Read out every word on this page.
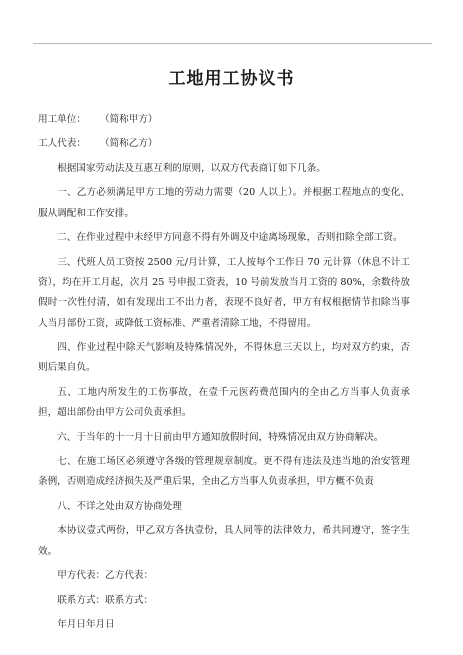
工地用工协议书

用工单位： （简称甲方）

工人代表： （简称乙方）

根据国家劳动法及互惠互利的原则，以双方代表商订如下几条。

一、乙方必须满足甲方工地的劳动力需要（20 人以上）。并根据工程地点的变化、服从调配和工作安排。

二、在作业过程中未经甲方同意不得有外调及中途离场现象，否则扣除全部工资。

三、代班人员工资按 2500 元/月计算，工人按每个工作日 70 元计算（休息不计工资），均在开工月起，次月 25 号申报工资表，10 号前发放当月工资的 80%，余数待放假时一次性付清，如有发现出工不出力者，表现不良好者，甲方有权根据情节扣除当事人当月部份工资，或降低工资标准、严重者清除工地，不得留用。

四、作业过程中除天气影响及特殊情况外，不得休息三天以上，均对双方约束，否则后果自负。

五、工地内所发生的工伤事故，在壹千元医药费范围内的全由乙方当事人负责承担，超出部份由甲方公司负责承担。

六、于当年的十一月十日前由甲方通知放假时间，特殊情况由双方协商解决。

七、在施工场区必须遵守各级的管理规章制度。更不得有违法及违当地的治安管理条例，否则造成经济损失及严重后果，全由乙方当事人负责承担，甲方概不负责

八、不详之处由双方协商处理

本协议壹式两份，甲乙双方各执壹份，具人同等的法律效力，希共同遵守，签字生效。

甲方代表：乙方代表：

联系方式：联系方式：

年月日年月日
